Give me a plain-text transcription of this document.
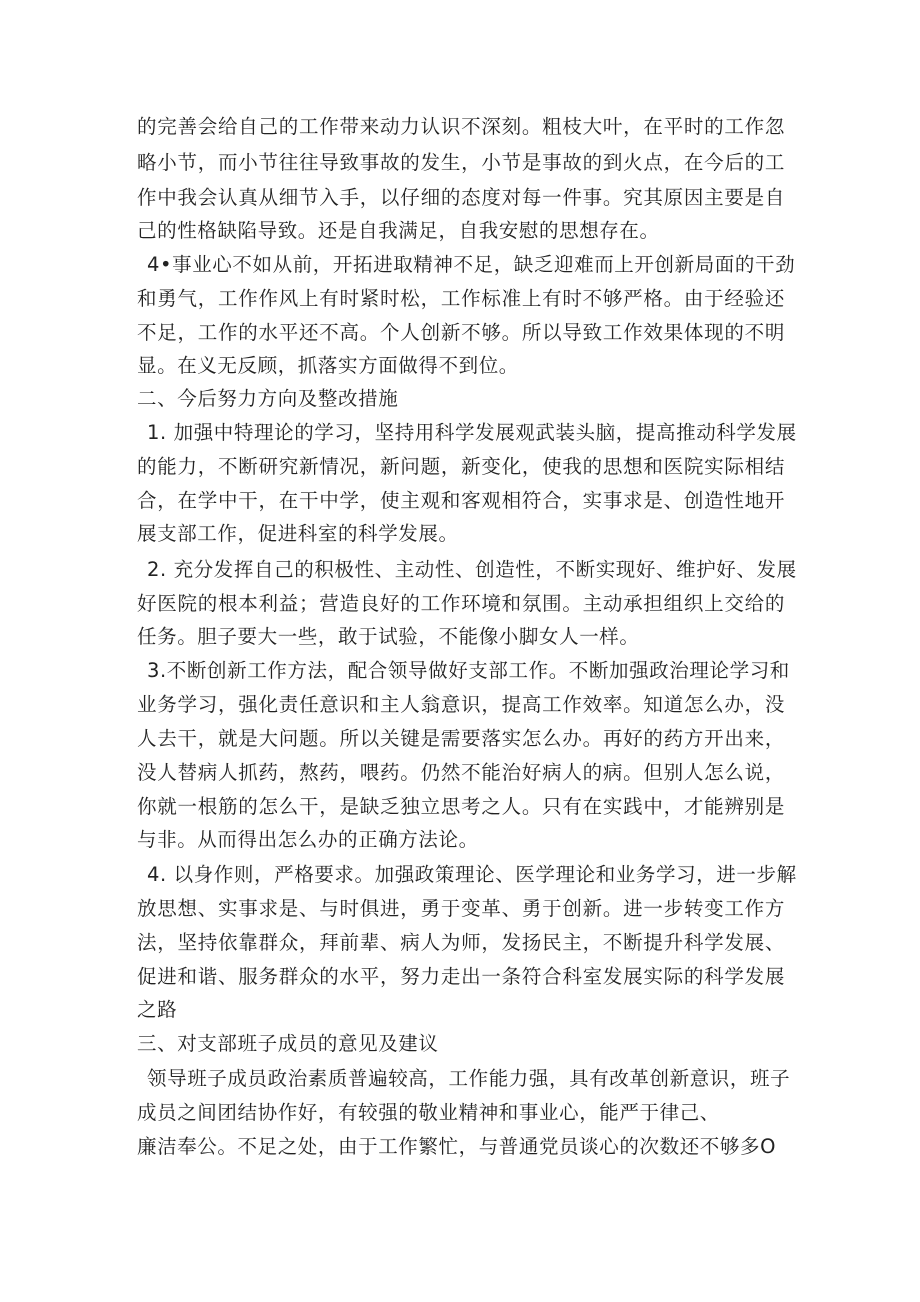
的完善会给自己的工作带来动力认识不深刻。粗枝大叶，在平时的工作忽
略小节，而小节往往导致事故的发生，小节是事故的到火点，在今后的工
作中我会认真从细节入手，以仔细的态度对每一件事。究其原因主要是自
己的性格缺陷导致。还是自我满足，自我安慰的思想存在。
4•事业心不如从前，开拓进取精神不足，缺乏迎难而上开创新局面的干劲
和勇气，工作作风上有时紧时松，工作标准上有时不够严格。由于经验还
不足，工作的水平还不高。个人创新不够。所以导致工作效果体现的不明
显。在义无反顾，抓落实方面做得不到位。
二、今后努力方向及整改措施
1. 加强中特理论的学习，坚持用科学发展观武装头脑，提高推动科学发展
的能力，不断研究新情况，新问题，新变化，使我的思想和医院实际相结
合，在学中干，在干中学，使主观和客观相符合，实事求是、创造性地开
展支部工作，促进科室的科学发展。
2. 充分发挥自己的积极性、主动性、创造性，不断实现好、维护好、发展
好医院的根本利益；营造良好的工作环境和氛围。主动承担组织上交给的
任务。胆子要大一些，敢于试验，不能像小脚女人一样。
3.不断创新工作方法，配合领导做好支部工作。不断加强政治理论学习和
业务学习，强化责任意识和主人翁意识，提高工作效率。知道怎么办，没
人去干，就是大问题。所以关键是需要落实怎么办。再好的药方开出来，
没人替病人抓药，熬药，喂药。仍然不能治好病人的病。但别人怎么说，
你就一根筋的怎么干，是缺乏独立思考之人。只有在实践中，才能辨别是
与非。从而得出怎么办的正确方法论。
4. 以身作则，严格要求。加强政策理论、医学理论和业务学习，进一步解
放思想、实事求是、与时俱进，勇于变革、勇于创新。进一步转变工作方
法，坚持依靠群众，拜前辈、病人为师，发扬民主，不断提升科学发展、
促进和谐、服务群众的水平，努力走出一条符合科室发展实际的科学发展
之路
三、对支部班子成员的意见及建议
领导班子成员政治素质普遍较高，工作能力强，具有改革创新意识，班子
成员之间团结协作好，有较强的敬业精神和事业心，能严于律己、
廉洁奉公。不足之处，由于工作繁忙，与普通党员谈心的次数还不够多O
